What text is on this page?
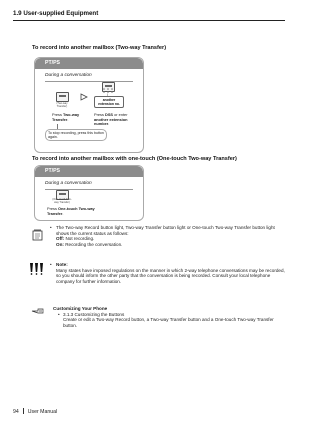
1.9 User-supplied Equipment
To record into another mailbox (Two-way Transfer)
PT/PS
During a conversation
(Two-way Transfer)
|
another extension no.
Press Two-way Transfer.
Press DSS or enter another extension number.
To stop recording, press this button again.
To record into another mailbox with one-touch (One-touch Two-way Transfer)
PT/PS
During a conversation
(One-touch Two-way Transfer)
Press One-touch Two-way Transfer.
• The Two-way Record button light, Two-way Transfer button light or One-touch Two-way Transfer button light shows the current status as follows:
Off: Not recording.
On: Recording the conversation.
• Note:
Many states have imposed regulations on the manner in which 2-way telephone conversations may be recorded, so you should inform the other party that the conversation is being recorded. Consult your local telephone company for further information.
Customizing Your Phone
• 3.1.3 Customizing the Buttons
Create or edit a Two-way Record button, a Two-way Transfer button and a One-touch Two-way Transfer button.
94 User Manual
